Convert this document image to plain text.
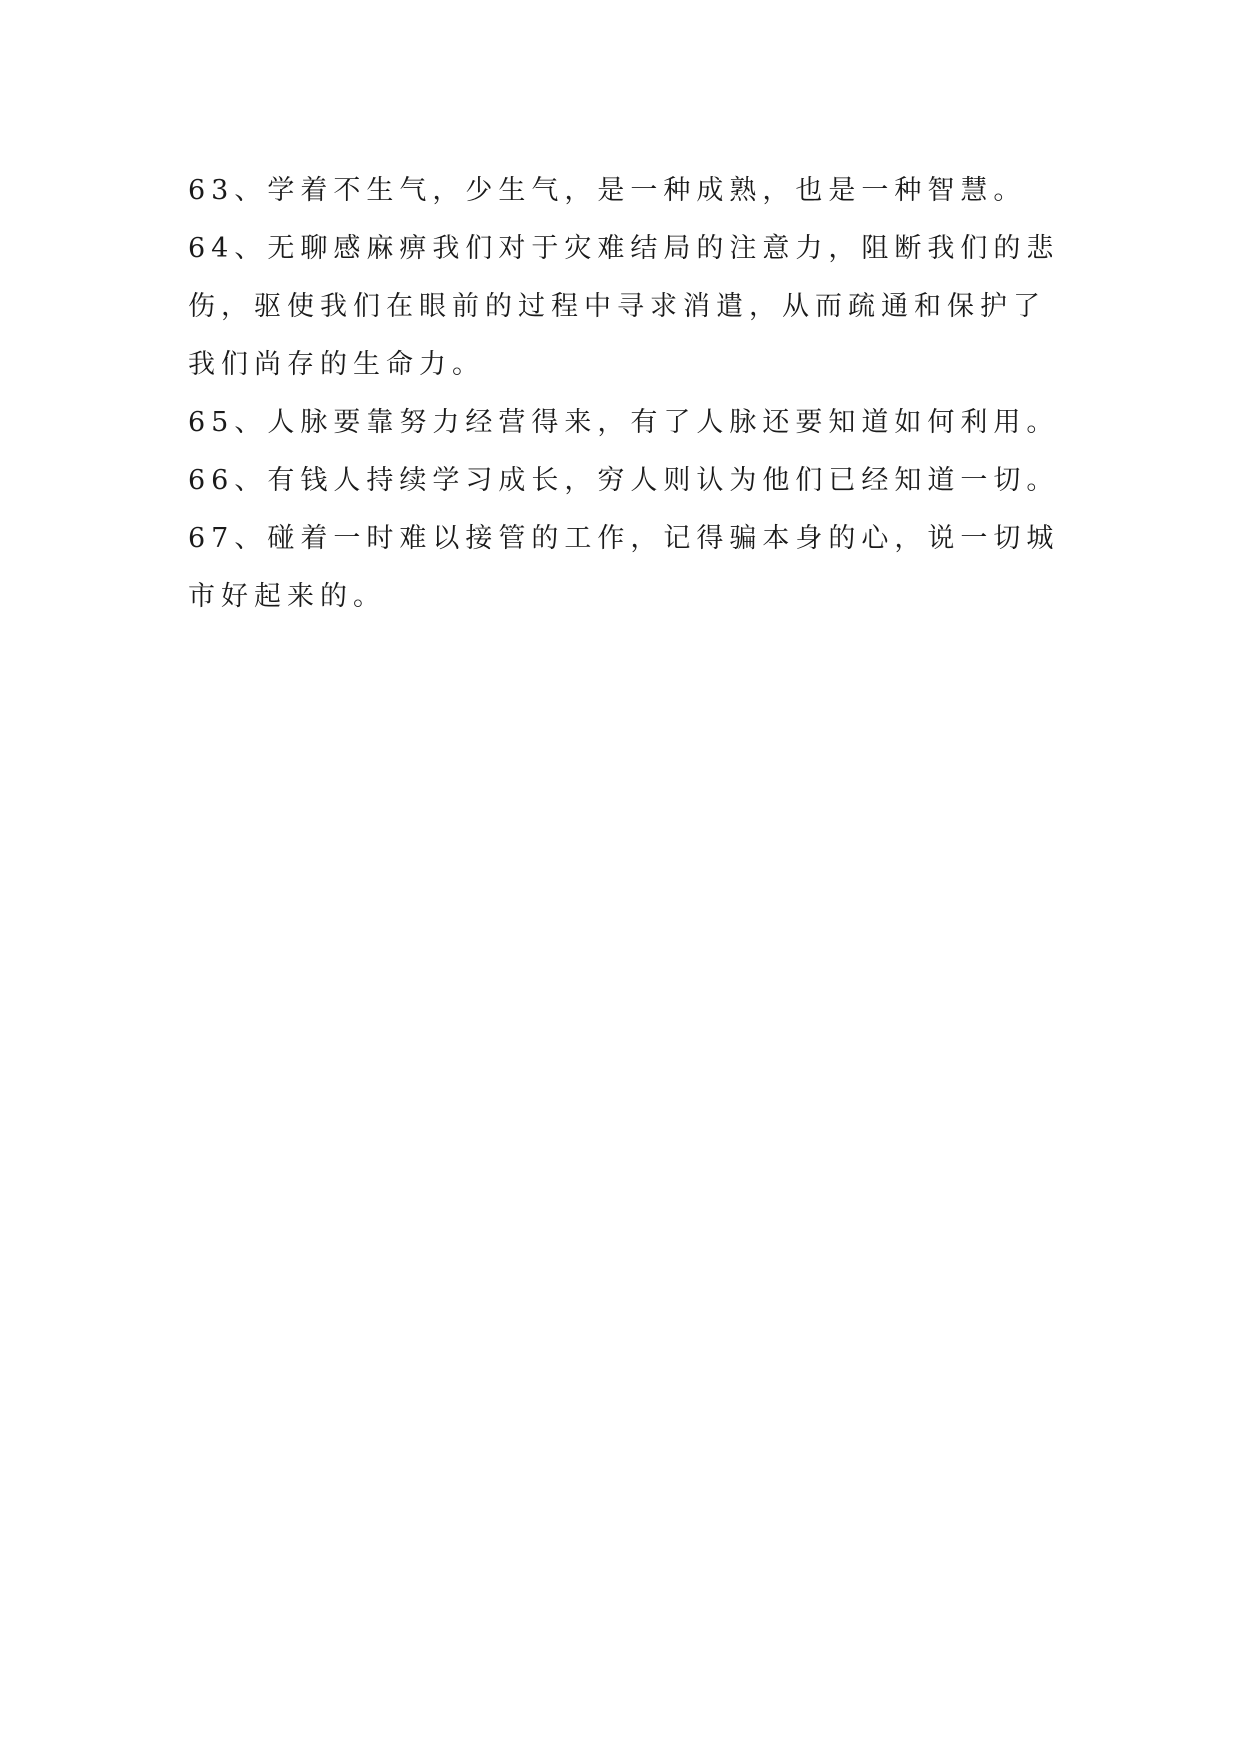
63、学着不生气，少生气，是一种成熟，也是一种智慧。
64、无聊感麻痹我们对于灾难结局的注意力，阻断我们的悲
伤，驱使我们在眼前的过程中寻求消遣，从而疏通和保护了
我们尚存的生命力。
65、人脉要靠努力经营得来，有了人脉还要知道如何利用。
66、有钱人持续学习成长，穷人则认为他们已经知道一切。
67、碰着一时难以接管的工作，记得骗本身的心，说一切城
市好起来的。
